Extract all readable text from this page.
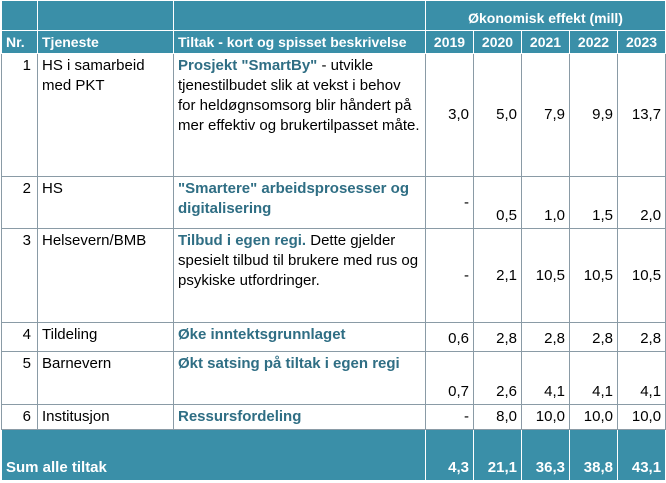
			Økonomisk effekt (mill)				
Nr.	Tjeneste	Tiltak - kort og spisset beskrivelse	2019	2020	2021	2022	2023
1	HS i samarbeid med PKT	Prosjekt "SmartBy" - utvikle tjenestilbudet slik at vekst i behov for heldøgnsomsorg blir håndert på mer effektiv og brukertilpasset måte.	3,0	5,0	7,9	9,9	13,7
2	HS	"Smartere" arbeidsprosesser og digitalisering	-	0,5	1,0	1,5	2,0
3	Helsevern/BMB	Tilbud i egen regi. Dette gjelder spesielt tilbud til brukere med rus og psykiske utfordringer.	-	2,1	10,5	10,5	10,5
4	Tildeling	Øke inntektsgrunnlaget	0,6	2,8	2,8	2,8	2,8
5	Barnevern	Økt satsing på tiltak i egen regi	0,7	2,6	4,1	4,1	4,1
6	Institusjon	Ressursfordeling	-	8,0	10,0	10,0	10,0
Sum alle tiltak			4,3	21,1	36,3	38,8	43,1
